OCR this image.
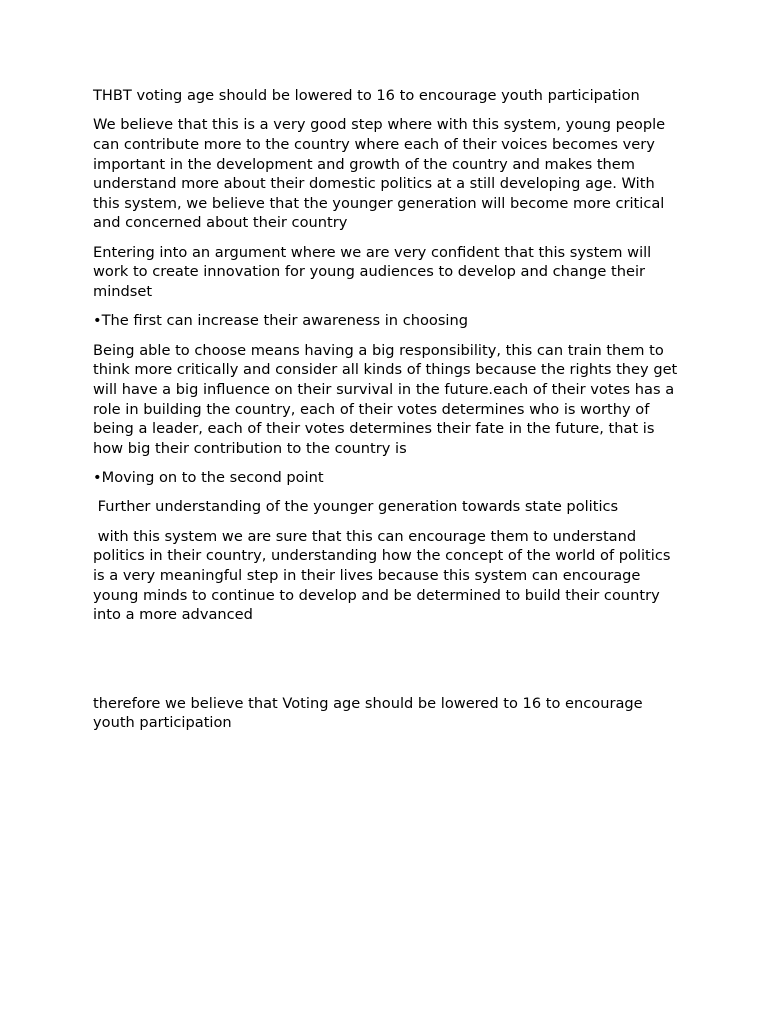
THBT voting age should be lowered to 16 to encourage youth participation

We believe that this is a very good step where with this system, young people can contribute more to the country where each of their voices becomes very important in the development and growth of the country and makes them understand more about their domestic politics at a still developing age. With this system, we believe that the younger generation will become more critical and concerned about their country

Entering into an argument where we are very confident that this system will work to create innovation for young audiences to develop and change their mindset

•The first can increase their awareness in choosing

Being able to choose means having a big responsibility, this can train them to think more critically and consider all kinds of things because the rights they get will have a big influence on their survival in the future.each of their votes has a role in building the country, each of their votes determines who is worthy of being a leader, each of their votes determines their fate in the future, that is how big their contribution to the country is

•Moving on to the second point

Further understanding of the younger generation towards state politics

with this system we are sure that this can encourage them to understand politics in their country, understanding how the concept of the world of politics is a very meaningful step in their lives because this system can encourage young minds to continue to develop and be determined to build their country into a more advanced

therefore we believe that Voting age should be lowered to 16 to encourage youth participation
